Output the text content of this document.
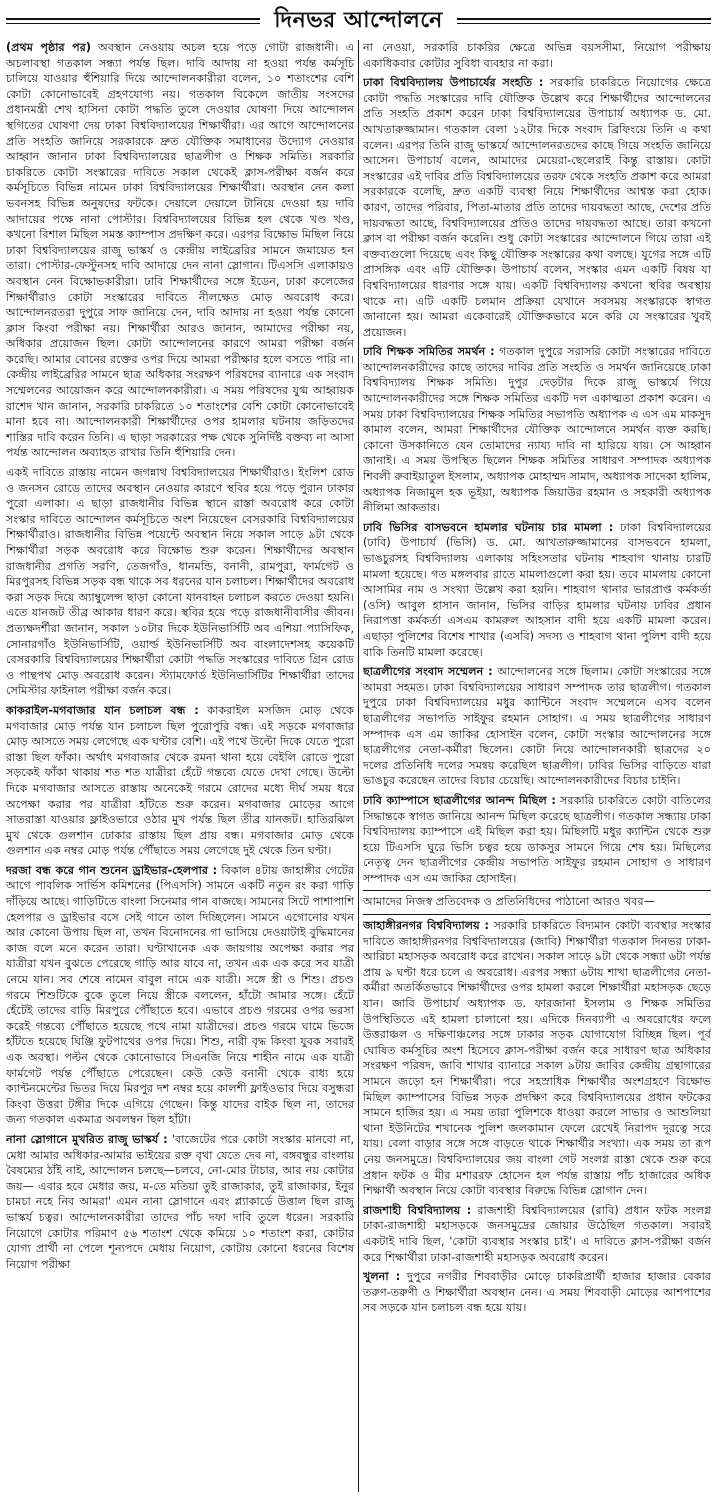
দিনভর আন্দোলনে

(প্রথম পৃষ্ঠার পর) অবস্থান নেওয়ায় অচল হয়ে পড়ে গোটা রাজধানী। এ অচলাবস্থা গতকাল সন্ধ্যা পর্যন্ত ছিল। দাবি আদায় না হওয়া পর্যন্ত কর্মসূচি চালিয়ে যাওয়ার হুঁশিয়ারি দিয়ে আন্দোলনকারীরা বলেন, ১০ শতাংশের বেশি কোটা কোনোভাবেই গ্রহণযোগ্য নয়। গতকাল বিকেলে জাতীয় সংসদের প্রধানমন্ত্রী শেখ হাসিনা কোটা পদ্ধতি তুলে দেওয়ার ঘোষণা দিয়ে আন্দোলন স্থগিতের ঘোষণা দেয় ঢাকা বিশ্ববিদ্যালয়ের শিক্ষার্থীরা। এর আগে আন্দোলনের প্রতি সংহতি জানিয়ে সরকারকে দ্রুত যৌক্তিক সমাধানের উদ্যোগ নেওয়ার আহ্বান জানান ঢাকা বিশ্ববিদ্যালয়ের ছাত্রলীগ ও শিক্ষক সমিতি। সরকারি চাকরিতে কোটা সংস্কারের দাবিতে সকাল থেকেই ক্লাস-পরীক্ষা বর্জন করে কর্মসূচিতে বিভিন্ন নামেন ঢাকা বিশ্ববিদ্যালয়ের শিক্ষার্থীরা। অবস্থান নেন কলা ভবনসহ বিভিন্ন অনুষদের ফটকে। দেয়ালে দেয়ালে টানিয়ে দেওয়া হয় দাবি আদায়ের পক্ষে নানা পোস্টার। বিশ্ববিদ্যালয়ের বিভিন্ন হল থেকে খণ্ড খণ্ড, কখনো বিশাল মিছিল সমস্ত ক্যাম্পাস প্রদক্ষিণ করে। এরপর বিক্ষোভ মিছিল নিয়ে ঢাকা বিশ্ববিদ্যালয়ের রাজু ভাস্কর্য ও কেন্দ্রীয় লাইব্রেরির সামনে জমায়েত হন তারা। পোস্টার-ফেস্টুনসহ দাবি আদায়ে দেন নানা স্লোগান। টিএসসি এলাকায়ও অবস্থান নেন বিক্ষোভকারীরা। ঢাবি শিক্ষার্থীদের সঙ্গে ইডেন, ঢাকা কলেজের শিক্ষার্থীরাও কোটা সংস্কারের দাবিতে নীলক্ষেত মোড় অবরোধ করে। আন্দোলনরতরা দুপুরে সাফ জানিয়ে দেন, দাবি আদায় না হওয়া পর্যন্ত কোনো ক্লাস কিংবা পরীক্ষা নয়। শিক্ষার্থীরা আরও জানান, আমাদের পরীক্ষা নয়, অধিকার প্রয়োজন ছিল। কোটা আন্দোলনের কারণে আমরা পরীক্ষা বর্জন করেছি। আমার বোনের রক্তের ওপর দিয়ে আমরা পরীক্ষার হলে বসতে পারি না। কেন্দ্রীয় লাইব্রেরির সামনে ছাত্র অধিকার সংরক্ষণ পরিষদের ব্যানারে এক সংবাদ সম্মেলনের আয়োজন করে আন্দোলনকারীরা। এ সময় পরিষদের যুগ্ম আহ্বায়ক রাশেদ খান জানান, সরকারি চাকরিতে ১০ শতাংশের বেশি কোটা কোনোভাবেই মানা হবে না। আন্দোলনকারী শিক্ষার্থীদের ওপর হামলার ঘটনায় জড়িতদের শাস্তির দাবি করেন তিনি। এ ছাড়া সরকারের পক্ষ থেকে সুনির্দিষ্ট বক্তব্য না আসা পর্যন্ত আন্দোলন অব্যাহত রাখার তিনি হুঁশিয়ারি দেন।

একই দাবিতে রাস্তায় নামেন জগন্নাথ বিশ্ববিদ্যালয়ের শিক্ষার্থীরাও। ইংলিশ রোড ও জনসন রোডে তাদের অবস্থান নেওয়ার কারণে স্থবির হয়ে পড়ে পুরান ঢাকার পুরো এলাকা। এ ছাড়া রাজধানীর বিভিন্ন স্থানে রাস্তা অবরোধ করে কোটা সংস্কার দাবিতে আন্দোলন কর্মসূচিতে অংশ নিয়েছেন বেসরকারি বিশ্ববিদ্যালয়ের শিক্ষার্থীরাও। রাজধানীর বিভিন্ন পয়েন্টে অবস্থান নিয়ে সকাল সাড়ে ৯টা থেকে শিক্ষার্থীরা সড়ক অবরোধ করে বিক্ষোভ শুরু করেন। শিক্ষার্থীদের অবস্থান রাজধানীর প্রগতি সরণি, তেজগাঁও, ধানমন্ডি, বনানী, রামপুরা, ফার্মগেট ও মিরপুরসহ বিভিন্ন সড়ক বন্ধ থাকে সব ধরনের যান চলাচল। শিক্ষার্থীদের অবরোধ করা সড়ক দিয়ে অ্যাম্বুলেন্স ছাড়া কোনো যানবাহন চলাচল করতে দেওয়া হয়নি। এতে যানজট তীব্র আকার ধারণ করে। স্থবির হয়ে পড়ে রাজধানীবাসীর জীবন। প্রত্যক্ষদর্শীরা জানান, সকাল ১০টার দিকে ইউনিভার্সিটি অব এশিয়া প্যাসিফিক, সোনারগাঁও ইউনিভার্সিটি, ওয়ার্ল্ড ইউনিভার্সিটি অব বাংলাদেশসহ কয়েকটি বেসরকারি বিশ্ববিদ্যালয়ের শিক্ষার্থীরা কোটা পদ্ধতি সংস্কারের দাবিতে গ্রিন রোড ও পান্থপথ মোড় অবরোধ করেন। স্ট্যামফোর্ড ইউনিভার্সিটির শিক্ষার্থীরা তাদের সেমিস্টার ফাইনাল পরীক্ষা বর্জন করে।

কাকরাইল-মগবাজার যান চলাচল বন্ধ : কাকরাইল মসজিদ মোড় থেকে মগবাজার মোড় পর্যন্ত যান চলাচল ছিল পুরোপুরি বন্ধ। এই সড়কে মগবাজার মোড় আসতে সময় লেগেছে এক ঘণ্টার বেশি। এই পথে উল্টো দিকে যেতে পুরো রাস্তা ছিল ফাঁকা। অর্থাৎ মগবাজার থেকে রমনা থানা হয়ে বেইলি রোডে পুরো সড়কেই ফাঁকা থাকায় শত শত যাত্রীরা হেঁটে গন্তব্যে যেতে দেখা গেছে। উল্টো দিকে মগবাজার আসতে রাস্তায় অনেকেই গরমে রোদের মধ্যে দীর্ঘ সময় ধরে অপেক্ষা করার পর যাত্রীরা হাঁটতে শুরু করেন। মগবাজার মোড়ের আগে সাতরাস্তা যাওয়ার ফ্লাইওভারে ওঠার মুখ পর্যন্ত ছিল তীব্র যানজট। হাতিরঝিল মুখ থেকে গুলশান ঢোকার রাস্তায় ছিল প্রায় বন্ধ। মগবাজার মোড় থেকে গুলশান এক নম্বর মোড় পর্যন্ত পৌঁছাতে সময় লেগেছে দুই থেকে তিন ঘণ্টা।

দরজা বন্ধ করে গান শুনেন ড্রাইভার-হেলপার : বিকাল ৪টায় জাহাঙ্গীর গেটের আগে পাবলিক সার্ভিস কমিশনের (পিএসসি) সামনে একটি নতুন রং করা গাড়ি দাঁড়িয়ে আছে। গাড়িটিতে বাংলা সিনেমার গান বাজছে। সামনের সিটে পাশাপাশি হেলপার ও ড্রাইভার বসে সেই গানে তাল দিচ্ছিলেন। সামনে এগোনোর যখন আর কোনো উপায় ছিল না, তখন বিনোদনের গা ভাসিয়ে দেওয়াটাই বুদ্ধিমানের কাজ বলে মনে করেন তারা। ঘণ্টাখানেক এক জায়গায় অপেক্ষা করার পর যাত্রীরা যখন বুঝতে পেরেছে গাড়ি আর যাবে না, তখন এক এক করে সব যাত্রী নেমে যান। সব শেষে নামেন বাবুল নামে এক যাত্রী। সঙ্গে স্ত্রী ও শিশু। প্রচণ্ড গরমে শিশুটিকে বুকে তুলে নিয়ে স্ত্রীকে বললেন, হাঁটো আমার সঙ্গে। হেঁটে হেঁটেই তাদের বাড়ি মিরপুরে পৌঁছাতে হবে। এভাবে প্রচণ্ড গরমের ওপর ভরসা করেই গন্তব্যে পৌঁছাতে হয়েছে পথে নামা যাত্রীদের। প্রচণ্ড গরমে ঘামে ভিজে হাঁটতে হয়েছে ঘিঞ্জি ফুটপাথের ওপর দিয়ে। শিশু, নারী বৃদ্ধ কিংবা যুবক সবারই এক অবস্থা। পল্টন থেকে কোনোভাবে সিএনজি নিয়ে শাহীন নামে এক যাত্রী ফার্মগেট পর্যন্ত পৌঁছাতে পেরেছেন। কেউ কেউ বনানী থেকে বাধ্য হয়ে ক্যান্টনমেন্টের ভিতর দিয়ে মিরপুর দশ নম্বর হয়ে কালশী ফ্লাইওভার দিয়ে বসুন্ধরা কিংবা উত্তরা টঙ্গীর দিকে এগিয়ে গেছেন। কিন্তু যাদের বাইক ছিল না, তাদের জন্য গতকাল একমাত্র অবলম্বন ছিল হাঁটা।

নানা স্লোগানে মুখরিত রাজু ভাস্কর্য : 'বাজেটের পরে কোটা সংস্কার মানবো না, মেধা আমার অধিকার-আমার ভাইয়ের রক্ত বৃথা যেতে দেব না, বঙ্গবন্ধুর বাংলায় বৈষম্যের ঠাঁই নাই, আন্দোলন চলছে—চলবে, নো-মোর টাচার, আর নয় কোটার জয়— এবার হবে মেধার জয়, ম-তে মতিয়া তুই রাজাকার, তুই রাজাকার, ইনুর চামচা নহে নিব আমরা' এমন নানা স্লোগানে এবং প্ল্যাকার্ডে উত্তাল ছিল রাজু ভাস্কর্য চত্বর। আন্দোলনকারীরা তাদের পাঁচ দফা দাবি তুলে ধরেন। সরকারি নিয়োগে কোটার পরিমাণ ৫৬ শতাংশ থেকে কমিয়ে ১০ শতাংশ করা, কোটার যোগ্য প্রার্থী না পেলে শূন্যপদে মেধায় নিয়োগ, কোটায় কোনো ধরনের বিশেষ নিয়োগ পরীক্ষা

না নেওয়া, সরকারি চাকরির ক্ষেত্রে অভিন্ন বয়সসীমা, নিয়োগ পরীক্ষায় একাধিকবার কোটার সুবিধা ব্যবহার না করা।

ঢাকা বিশ্ববিদ্যালয় উপাচার্যের সংহতি : সরকারি চাকরিতে নিয়োগের ক্ষেত্রে কোটা পদ্ধতি সংস্কারের দাবি যৌক্তিক উল্লেখ করে শিক্ষার্থীদের আন্দোলনের প্রতি সংহতি প্রকাশ করেন ঢাকা বিশ্ববিদ্যালয়ের উপাচার্য অধ্যাপক ড. মো. আখতারুজ্জামান। গতকাল বেলা ১২টার দিকে সংবাদ ব্রিফিংয়ে তিনি এ কথা বলেন। এরপর তিনি রাজু ভাস্কর্যে আন্দোলনরতদের কাছে গিয়ে সংহতি জানিয়ে আসেন। উপাচার্য বলেন, আমাদের মেয়েরা-ছেলেরাই কিন্তু রাস্তায়। কোটা সংস্কারের এই দাবির প্রতি বিশ্ববিদ্যালয়ের তরফ থেকে সংহতি প্রকাশ করে আমরা সরকারকে বলেছি, দ্রুত একটি ব্যবস্থা নিয়ে শিক্ষার্থীদের আশ্বস্ত করা হোক। কারণ, তাদের পরিবার, পিতা-মাতার প্রতি তাদের দায়বদ্ধতা আছে, দেশের প্রতি দায়বদ্ধতা আছে, বিশ্ববিদ্যালয়ের প্রতিও তাদের দায়বদ্ধতা আছে। তারা কখনো ক্লাস বা পরীক্ষা বর্জন করেনি। শুধু কোটা সংস্কারের আন্দোলনে গিয়ে তারা এই বক্তব্যগুলো দিয়েছে এবং কিছু যৌক্তিক সংস্কারের কথা বলছে। যুগের সঙ্গে এটি প্রাসঙ্গিক এবং এটি যৌক্তিক। উপাচার্য বলেন, সংস্কার এমন একটি বিষয় যা বিশ্ববিদ্যালয়ের ধারণার সঙ্গে যায়। একটি বিশ্ববিদ্যালয় কখনো স্থবির অবস্থায় থাকে না। এটি একটি চলমান প্রক্রিয়া যেখানে সবসময় সংস্কারকে স্বাগত জানানো হয়। আমরা একেবারেই যৌক্তিকভাবে মনে করি যে সংস্কারের খুবই প্রয়োজন।

ঢাবি শিক্ষক সমিতির সমর্থন : গতকাল দুপুরে সরাসরি কোটা সংস্কারের দাবিতে আন্দোলনকারীদের কাছে তাদের দাবির প্রতি সংহতি ও সমর্থন জানিয়েছে ঢাকা বিশ্ববিদ্যালয় শিক্ষক সমিতি। দুপুর দেড়টার দিকে রাজু ভাস্কর্যে গিয়ে আন্দোলনকারীদের সঙ্গে শিক্ষক সমিতির একটি দল একাত্মতা প্রকাশ করেন। এ সময় ঢাকা বিশ্ববিদ্যালয়ের শিক্ষক সমিতির সভাপতি অধ্যাপক এ এস এম মাকসুদ কামাল বলেন, আমরা শিক্ষার্থীদের যৌক্তিক আন্দোলনে সমর্থন ব্যক্ত করছি। কোনো উসকানিতে যেন তোমাদের ন্যায্য দাবি না হারিয়ে যায়। সে আহ্বান জানাই। এ সময় উপস্থিত ছিলেন শিক্ষক সমিতির সাধারণ সম্পাদক অধ্যাপক শিবলী রুবাইয়াতুল ইসলাম, অধ্যাপক মোহাম্মদ সামাদ, অধ্যাপক সাদেকা হালিম, অধ্যাপক নিজামুল হক ভূইয়া, অধ্যাপক জিয়াউর রহমান ও সহকারী অধ্যাপক নীলিমা আকতার।

ঢাবি ভিসির বাসভবনে হামলার ঘটনায় চার মামলা : ঢাকা বিশ্ববিদ্যালয়ের (ঢাবি) উপাচার্য (ভিসি) ড. মো. আখতারুজ্জামানের বাসভবনে হামলা, ভাঙচুরসহ বিশ্ববিদ্যালয় এলাকায় সহিংসতার ঘটনায় শাহবাগ থানায় চারটি মামলা হয়েছে। গত মঙ্গলবার রাতে মামলাগুলো করা হয়। তবে মামলায় কোনো আসামির নাম ও সংখ্যা উল্লেখ করা হয়নি। শাহবাগ থানার ভারপ্রাপ্ত কর্মকর্তা (ওসি) আবুল হাসান জানান, ভিসির বাড়ির হামলার ঘটনায় ঢাবির প্রধান নিরাপত্তা কর্মকর্তা এসএম কামরুল আহসান বাদী হয়ে একটি মামলা করেন। এছাড়া পুলিশের বিশেষ শাখার (এসবি) সদস্য ও শাহবাগ থানা পুলিশ বাদী হয়ে বাকি তিনটি মামলা করেছে।

ছাত্রলীগের সংবাদ সম্মেলন : আন্দোলনের সঙ্গে ছিলাম। কোটা সংস্কারের সঙ্গে আমরা সহমত। ঢাকা বিশ্ববিদ্যালয়ের সাধারণ সম্পাদক তার ছাত্রলীগ। গতকাল দুপুরে ঢাকা বিশ্ববিদ্যালয়ের মধুর ক্যান্টিনে সংবাদ সম্মেলনে এসব বলেন ছাত্রলীগের সভাপতি সাইফুর রহমান সোহাগ। এ সময় ছাত্রলীগের সাধারণ সম্পাদক এস এম জাকির হোসাইন বলেন, কোটা সংস্কার আন্দোলনের সঙ্গে ছাত্রলীগের নেতা-কর্মীরা ছিলেন। কোটা নিয়ে আন্দোলনকারী ছাত্রদের ২০ দলের প্রতিনিধি দলের সমন্বয় করেছিল ছাত্রলীগ। ঢাবির ভিসির বাড়িতে যারা ভাঙচুর করেছেন তাদের বিচার চেয়েছি। আন্দোলনকারীদের বিচার চাইনি।

ঢাবি ক্যাম্পাসে ছাত্রলীগের আনন্দ মিছিল : সরকারি চাকরিতে কোটা বাতিলের সিদ্ধান্তকে স্বাগত জানিয়ে আনন্দ মিছিল করেছে ছাত্রলীগ। গতকাল সন্ধ্যায় ঢাকা বিশ্ববিদ্যালয় ক্যাম্পাসে এই মিছিল করা হয়। মিছিলটি মধুর ক্যান্টিন থেকে শুরু হয়ে টিএসসি ঘুরে ভিসি চত্বর হয়ে ডাকসুর সামনে গিয়ে শেষ হয়। মিছিলের নেতৃত্ব দেন ছাত্রলীগের কেন্দ্রীয় সভাপতি সাইফুর রহমান সোহাগ ও সাধারণ সম্পাদক এস এম জাকির হোসাইন।

আমাদের নিজস্ব প্রতিবেদক ও প্রতিনিধিদের পাঠানো আরও খবর—

জাহাঙ্গীরনগর বিশ্ববিদ্যালয় : সরকারি চাকরিতে বিদ্যমান কোটা ব্যবস্থার সংস্কার দাবিতে জাহাঙ্গীরনগর বিশ্ববিদ্যালয়ের (জাবি) শিক্ষার্থীরা গতকাল দিনভর ঢাকা-আরিচা মহাসড়ক অবরোধ করে রাখেন। সকাল সাড়ে ৯টা থেকে সন্ধ্যা ৬টা পর্যন্ত প্রায় ৯ ঘণ্টা ধরে চলে এ অবরোধ। এরপর সন্ধ্যা ৬টায় শাখা ছাত্রলীগের নেতা-কর্মীরা অতর্কিতভাবে শিক্ষার্থীদের ওপর হামলা করলে শিক্ষার্থীরা মহাসড়ক ছেড়ে যান। জাবি উপাচার্য অধ্যাপক ড. ফারজানা ইসলাম ও শিক্ষক সমিতির উপস্থিতিতে এই হামলা চালানো হয়। এদিকে দিনব্যাপী এ অবরোধের ফলে উত্তরাঞ্চল ও দক্ষিণাঞ্চলের সঙ্গে ঢাকার সড়ক যোগাযোগ বিচ্ছিন্ন ছিল। পূর্ব ঘোষিত কর্মসূচির অংশ হিসেবে ক্লাস-পরীক্ষা বর্জন করে সাধারণ ছাত্র অধিকার সংরক্ষণ পরিষদ, জাবি শাখার ব্যানারে সকাল ৯টায় জাবির কেন্দ্রীয় গ্রন্থাগারের সামনে জড়ো হন শিক্ষার্থীরা। পরে সহস্রাধিক শিক্ষার্থীর অংশগ্রহণে বিক্ষোভ মিছিল ক্যাম্পাসের বিভিন্ন সড়ক প্রদক্ষিণ করে বিশ্ববিদ্যালয়ের প্রধান ফটকের সামনে হাজির হয়। এ সময় তারা পুলিশকে ধাওয়া করলে সাভার ও আশুলিয়া থানা ইউনিটের শখানেক পুলিশ জলকামান ফেলে রেখেই নিরাপদ দূরত্বে সরে যায়। বেলা বাড়ার সঙ্গে সঙ্গে বাড়তে থাকে শিক্ষার্থীর সংখ্যা। এক সময় তা রূপ নেয় জনসমুদ্রে। বিশ্ববিদ্যালয়ের জয় বাংলা গেট সংলগ্ন রাস্তা থেকে শুরু করে প্রধান ফটক ও মীর মশাররফ হোসেন হল পর্যন্ত রাস্তায় পাঁচ হাজারের অধিক শিক্ষার্থী অবস্থান নিয়ে কোটা ব্যবস্থার বিরুদ্ধে বিভিন্ন স্লোগান দেন।

রাজশাহী বিশ্ববিদ্যালয় : রাজশাহী বিশ্ববিদ্যালয়ের (রাবি) প্রধান ফটক সংলগ্ন ঢাকা-রাজশাহী মহাসড়কে জনসমুদ্রের জোয়ার উঠেছিল গতকাল। সবারই একটাই দাবি ছিল, 'কোটা ব্যবস্থার সংস্কার চাই'। এ দাবিতে ক্লাস-পরীক্ষা বর্জন করে শিক্ষার্থীরা ঢাকা-রাজশাহী মহাসড়ক অবরোধ করেন।

খুলনা : দুপুরে নগরীর শিববাড়ীর মোড়ে চাকরিপ্রার্থী হাজার হাজার বেকার তরুণ-তরুণী ও শিক্ষার্থীরা অবস্থান নেন। এ সময় শিববাড়ী মোড়ের আশপাশের সব সড়কে যান চলাচল বন্ধ হয়ে যায়।
